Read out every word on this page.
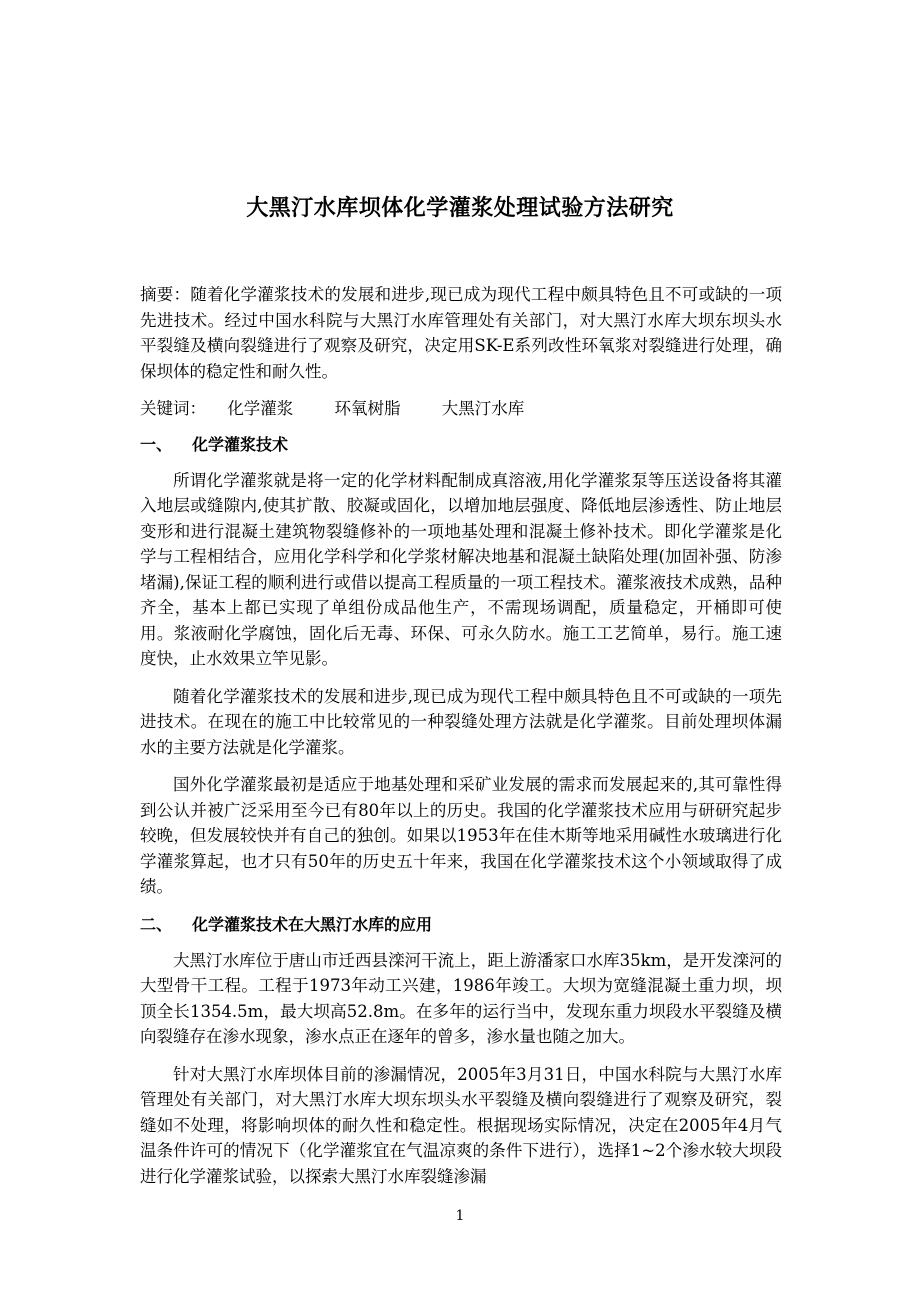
大黑汀水库坝体化学灌浆处理试验方法研究

摘要：随着化学灌浆技术的发展和进步,现已成为现代工程中颇具特色且不可或缺的一项先进技术。经过中国水科院与大黑汀水库管理处有关部门，对大黑汀水库大坝东坝头水平裂缝及横向裂缝进行了观察及研究，决定用SK-E系列改性环氧浆对裂缝进行处理，确保坝体的稳定性和耐久性。

关键词： 化学灌浆	环氧树脂	大黑汀水库
一、 化学灌浆技术

所谓化学灌浆就是将一定的化学材料配制成真溶液,用化学灌浆泵等压送设备将其灌入地层或缝隙内,使其扩散、胶凝或固化，以增加地层强度、降低地层渗透性、防止地层变形和进行混凝土建筑物裂缝修补的一项地基处理和混凝土修补技术。即化学灌浆是化学与工程相结合，应用化学科学和化学浆材解决地基和混凝土缺陷处理(加固补强、防渗堵漏),保证工程的顺利进行或借以提高工程质量的一项工程技术。灌浆液技术成熟，品种齐全，基本上都已实现了单组份成品他生产，不需现场调配，质量稳定，开桶即可使用。浆液耐化学腐蚀，固化后无毒、环保、可永久防水。施工工艺简单，易行。施工速度快，止水效果立竿见影。

随着化学灌浆技术的发展和进步,现已成为现代工程中颇具特色且不可或缺的一项先进技术。在现在的施工中比较常见的一种裂缝处理方法就是化学灌浆。目前处理坝体漏水的主要方法就是化学灌浆。

国外化学灌浆最初是适应于地基处理和采矿业发展的需求而发展起来的,其可靠性得到公认并被广泛采用至今已有80年以上的历史。我国的化学灌浆技术应用与研研究起步较晚，但发展较快并有自己的独创。如果以1953年在佳木斯等地采用碱性水玻璃进行化学灌浆算起，也才只有50年的历史五十年来，我国在化学灌浆技术这个小领域取得了成绩。

二、 化学灌浆技术在大黑汀水库的应用

大黑汀水库位于唐山市迁西县滦河干流上，距上游潘家口水库35km，是开发滦河的大型骨干工程。工程于1973年动工兴建，1986年竣工。大坝为宽缝混凝土重力坝，坝顶全长1354.5m，最大坝高52.8m。在多年的运行当中，发现东重力坝段水平裂缝及横向裂缝存在渗水现象，渗水点正在逐年的曾多，渗水量也随之加大。

针对大黑汀水库坝体目前的渗漏情况，2005年3月31日，中国水科院与大黑汀水库管理处有关部门，对大黑汀水库大坝东坝头水平裂缝及横向裂缝进行了观察及研究，裂缝如不处理，将影响坝体的耐久性和稳定性。根据现场实际情况，决定在2005年4月气温条件许可的情况下（化学灌浆宜在气温凉爽的条件下进行），选择1~2个渗水较大坝段进行化学灌浆试验，以探索大黑汀水库裂缝渗漏

1
